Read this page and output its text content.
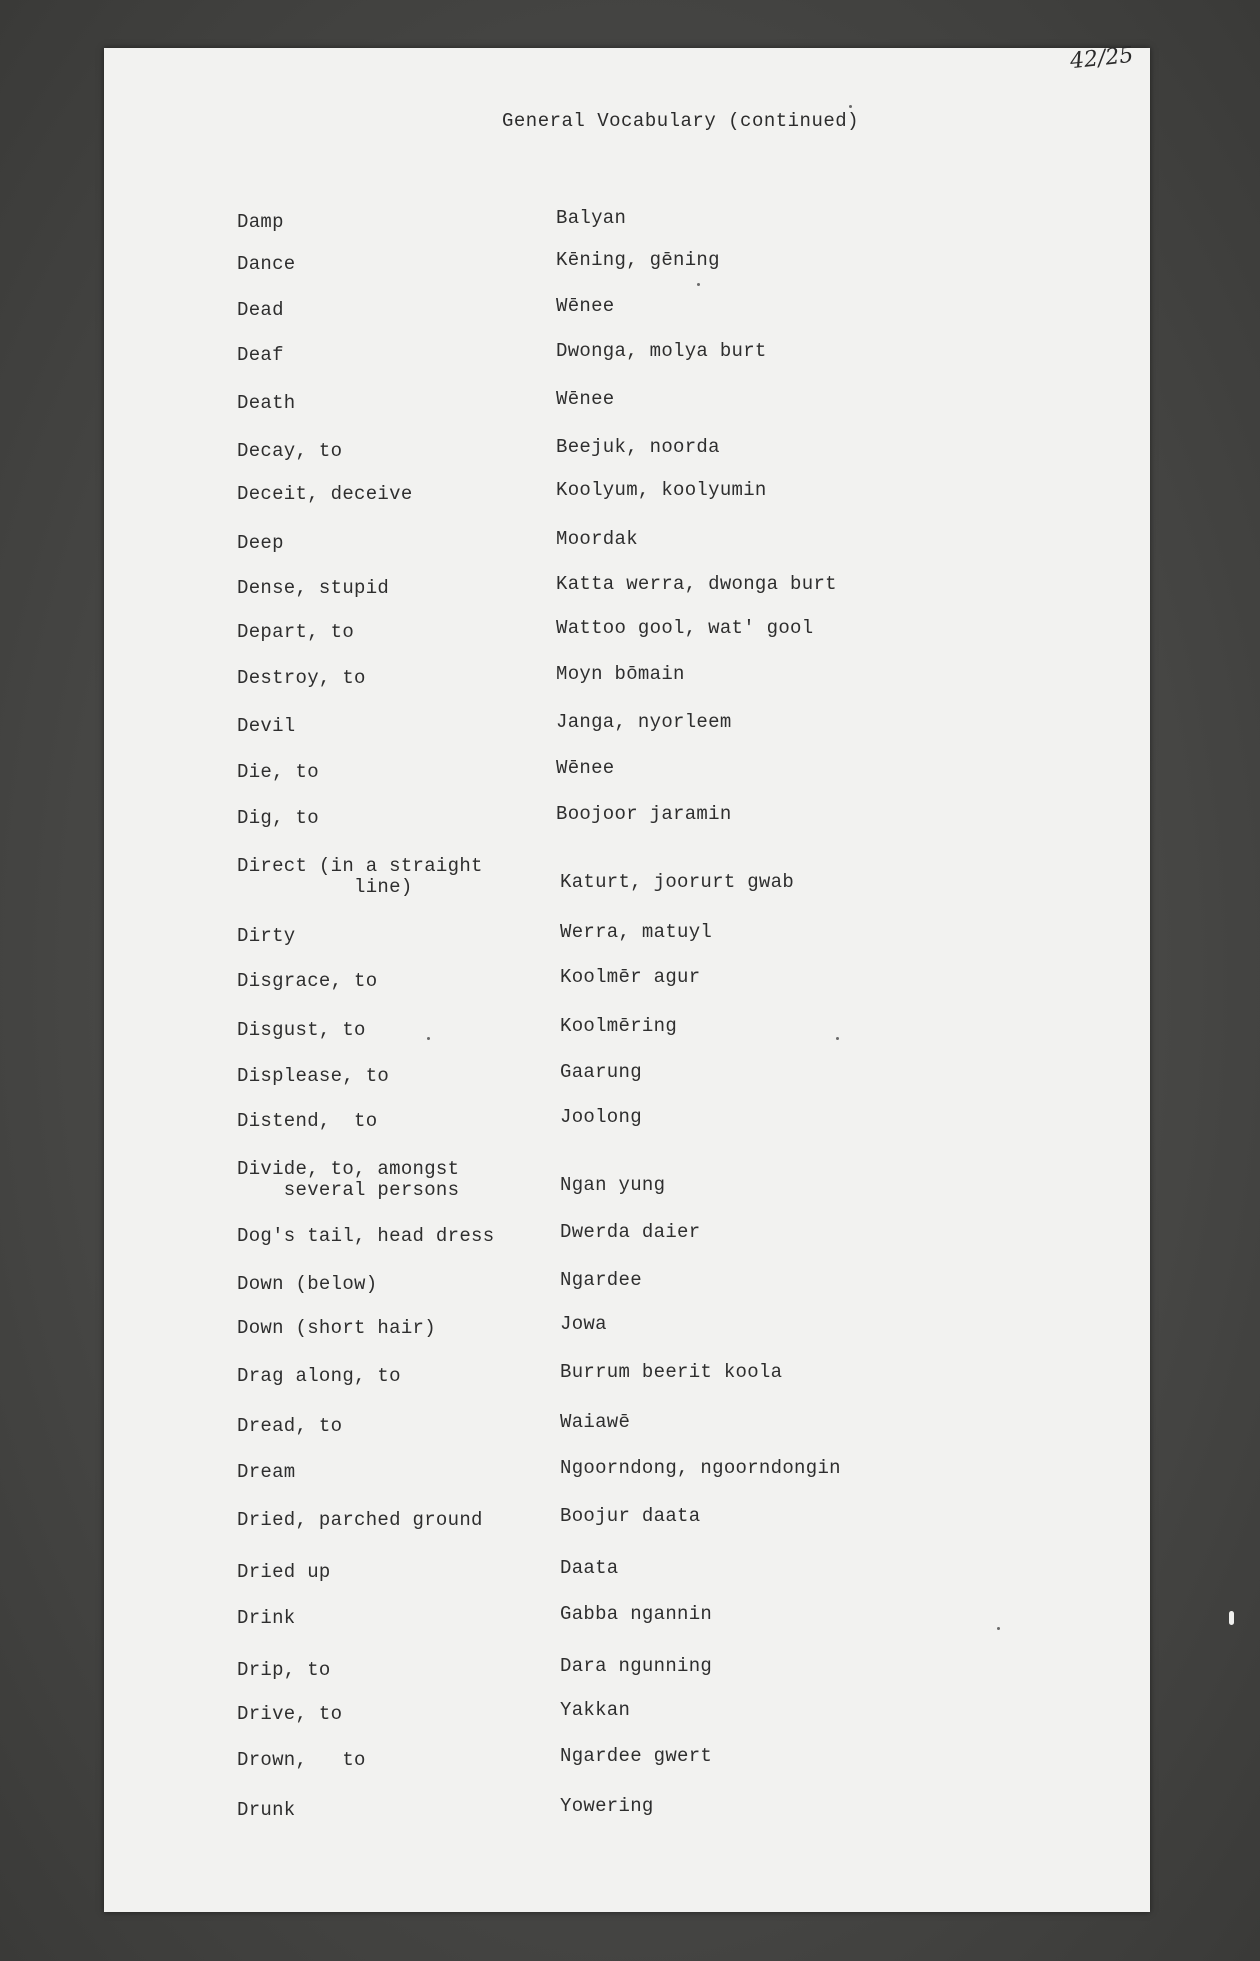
42/25
General Vocabulary (continued)
Damp	Balyan
Dance	Kēning, gēning
Dead	Wēnee
Deaf	Dwonga, molya burt
Death	Wēnee
Decay, to	Beejuk, noorda
Deceit, deceive	Koolyum, koolyumin
Deep	Moordak
Dense, stupid	Katta werra, dwonga burt
Depart, to	Wattoo gool, wat' gool
Destroy, to	Moyn bōmain
Devil	Janga, nyorleem
Die, to	Wēnee
Dig, to	Boojoor jaramin
Direct (in a straight
line)	Katurt, joorurt gwab
Dirty	Werra, matuyl
Disgrace, to	Koolmēr agur
Disgust, to	Koolmēring
Displease, to	Gaarung
Distend,  to	Joolong
Divide, to, amongst
several persons	Ngan yung
Dog's tail, head dress	Dwerda daier
Down (below)	Ngardee
Down (short hair)	Jowa
Drag along, to	Burrum beerit koola
Dread, to	Waiawē
Dream	Ngoorndong, ngoorndongin
Dried, parched ground	Boojur daata
Dried up	Daata
Drink	Gabba ngannin
Drip, to	Dara ngunning
Drive, to	Yakkan
Drown,   to	Ngardee gwert
Drunk	Yowering
